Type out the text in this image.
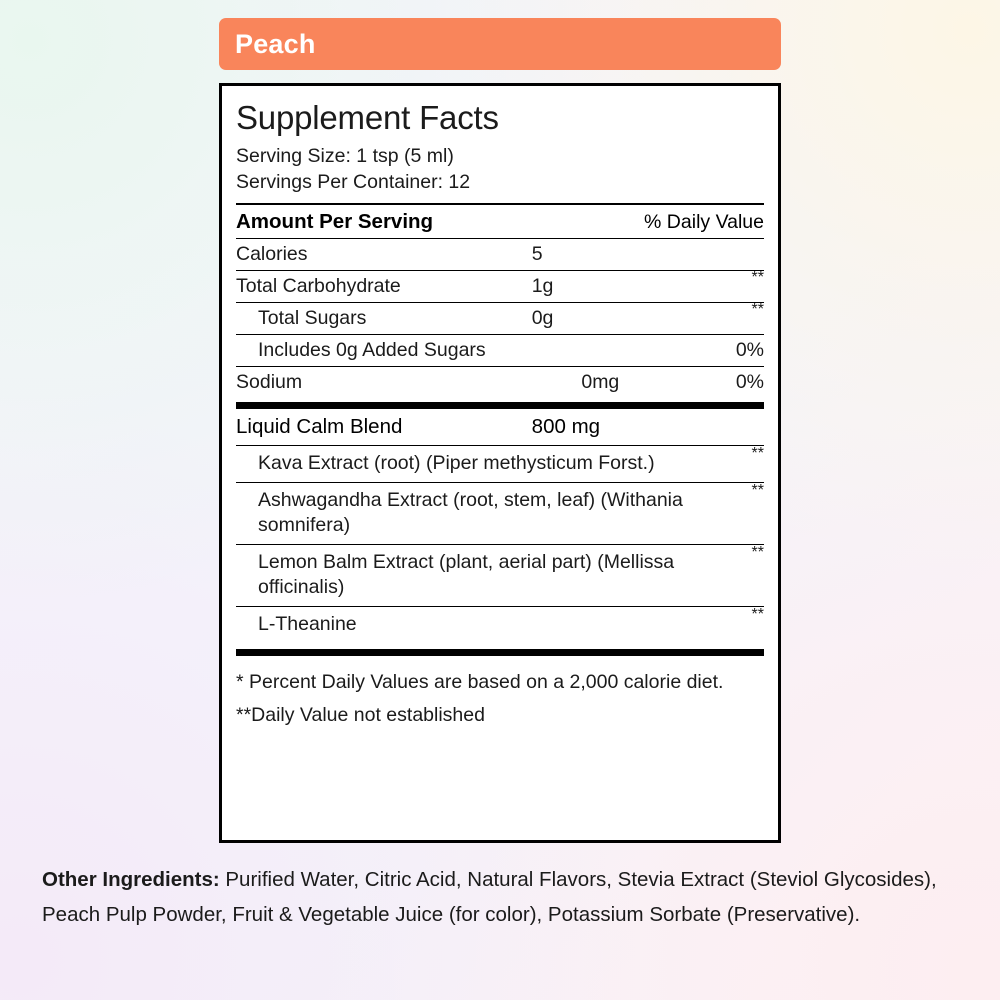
Peach
Supplement Facts
Serving Size: 1 tsp (5 ml)
Servings Per Container: 12
Amount Per Serving	% Daily Value
Calories	5	
Total Carbohydrate	1g	**
Total Sugars	0g	**
Includes 0g Added Sugars		0%
Sodium	0mg	0%
Liquid Calm Blend	800 mg
Kava Extract (root) (Piper methysticum Forst.)	**
Ashwagandha Extract (root, stem, leaf) (Withania somnifera)	**
Lemon Balm Extract (plant, aerial part) (Mellissa officinalis)	**
L-Theanine	**
* Percent Daily Values are based on a 2,000 calorie diet. **Daily Value not established
Other Ingredients: Purified Water, Citric Acid, Natural Flavors, Stevia Extract (Steviol Glycosides), Peach Pulp Powder, Fruit & Vegetable Juice (for color), Potassium Sorbate (Preservative).
